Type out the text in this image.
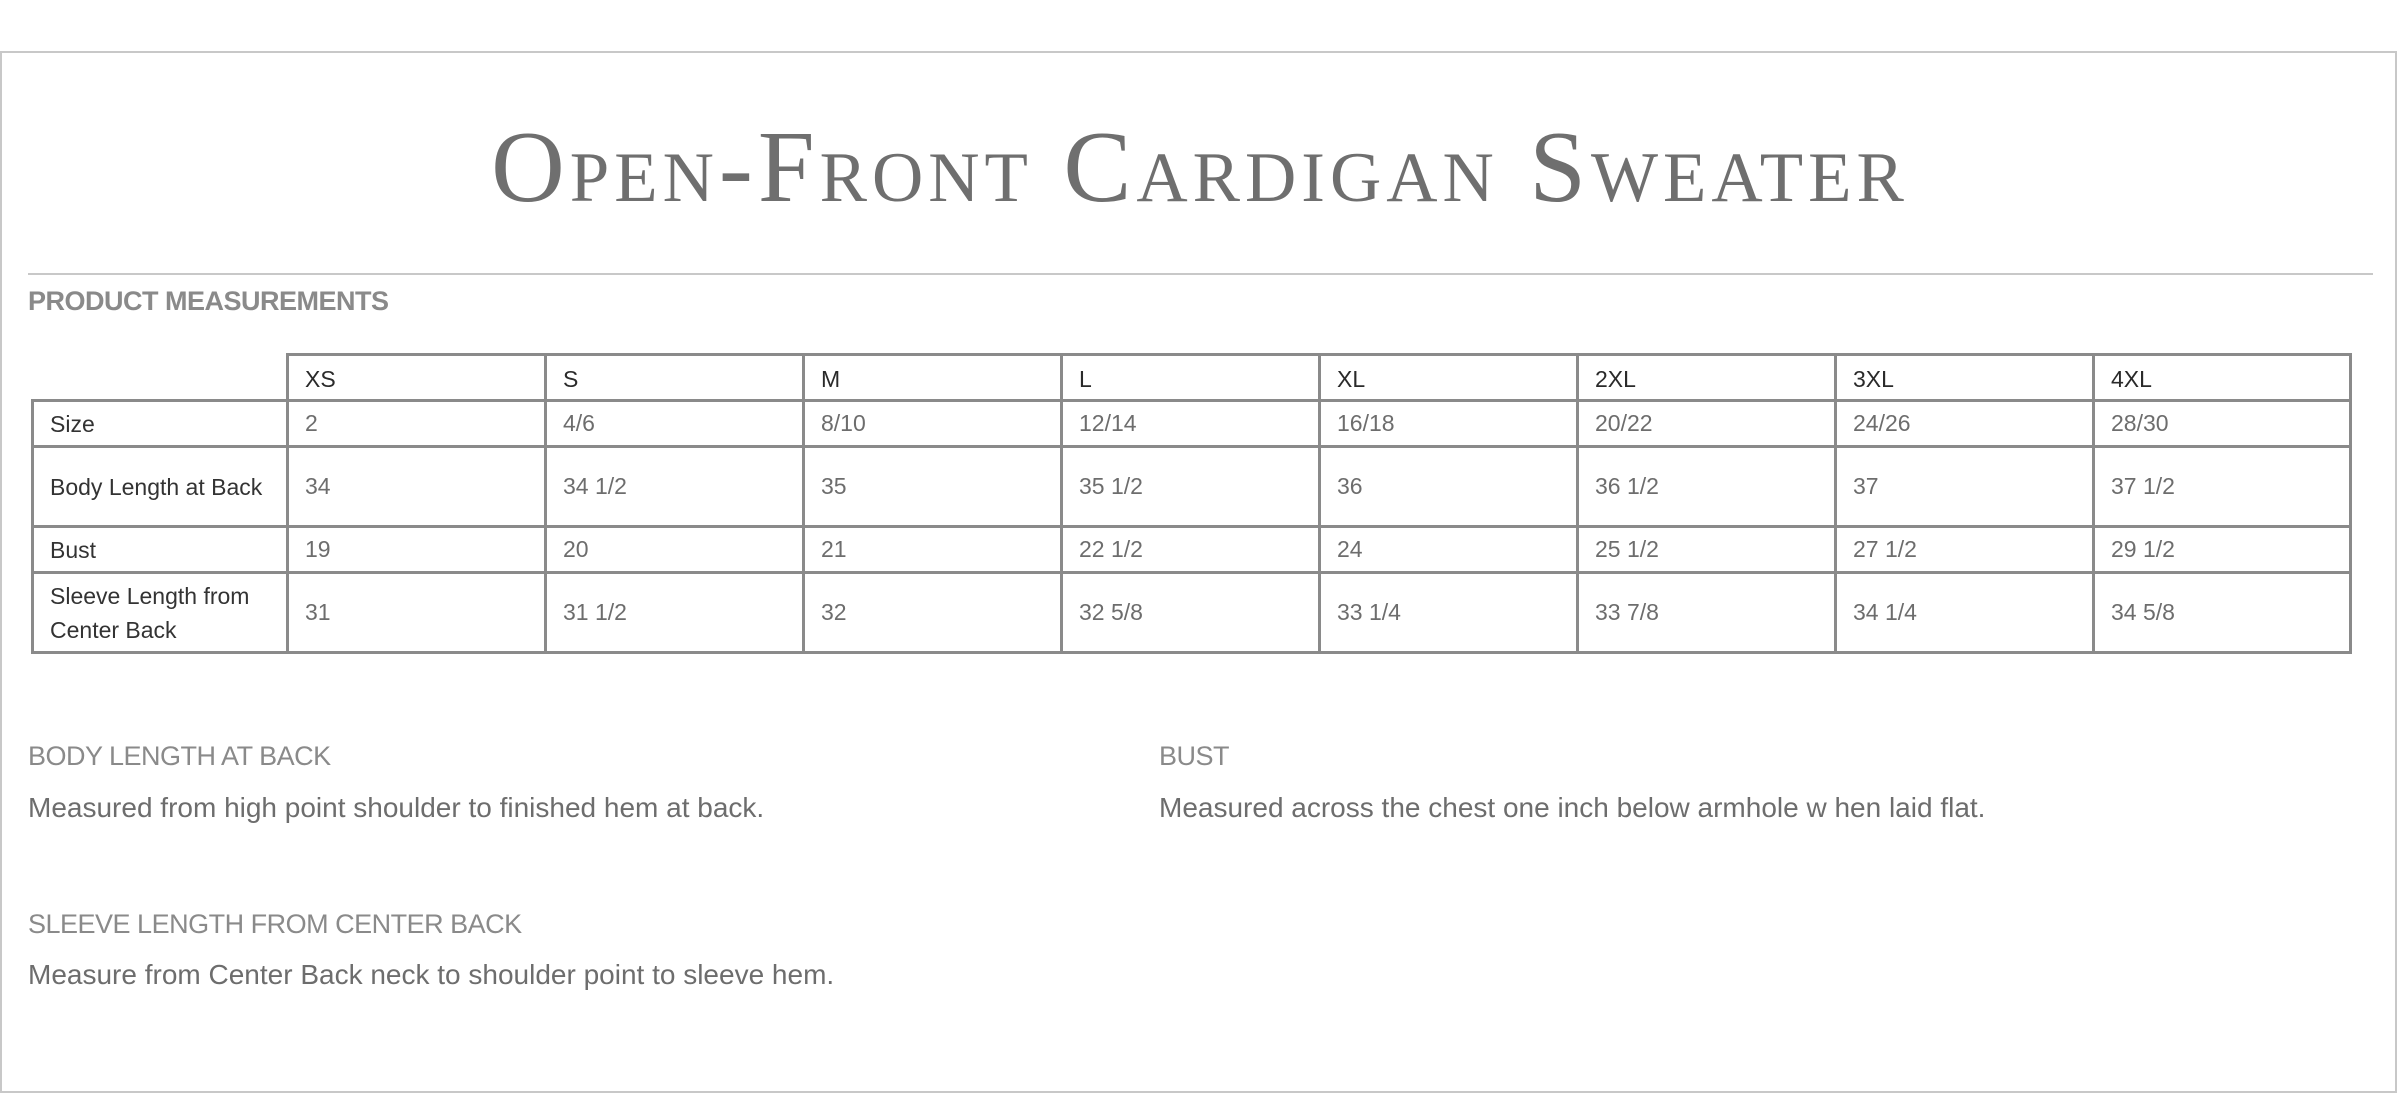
Open-Front Cardigan Sweater
PRODUCT MEASUREMENTS
	XS	S	M	L	XL	2XL	3XL	4XL
Size	2	4/6	8/10	12/14	16/18	20/22	24/26	28/30
Body Length at Back	34	34 1/2	35	35 1/2	36	36 1/2	37	37 1/2
Bust	19	20	21	22 1/2	24	25 1/2	27 1/2	29 1/2
Sleeve Length from Center Back	31	31 1/2	32	32 5/8	33 1/4	33 7/8	34 1/4	34 5/8
BODY LENGTH AT BACK
Measured from high point shoulder to finished hem at back.
BUST
Measured across the chest one inch below armhole w hen laid flat.
SLEEVE LENGTH FROM CENTER BACK
Measure from Center Back neck to shoulder point to sleeve hem.
